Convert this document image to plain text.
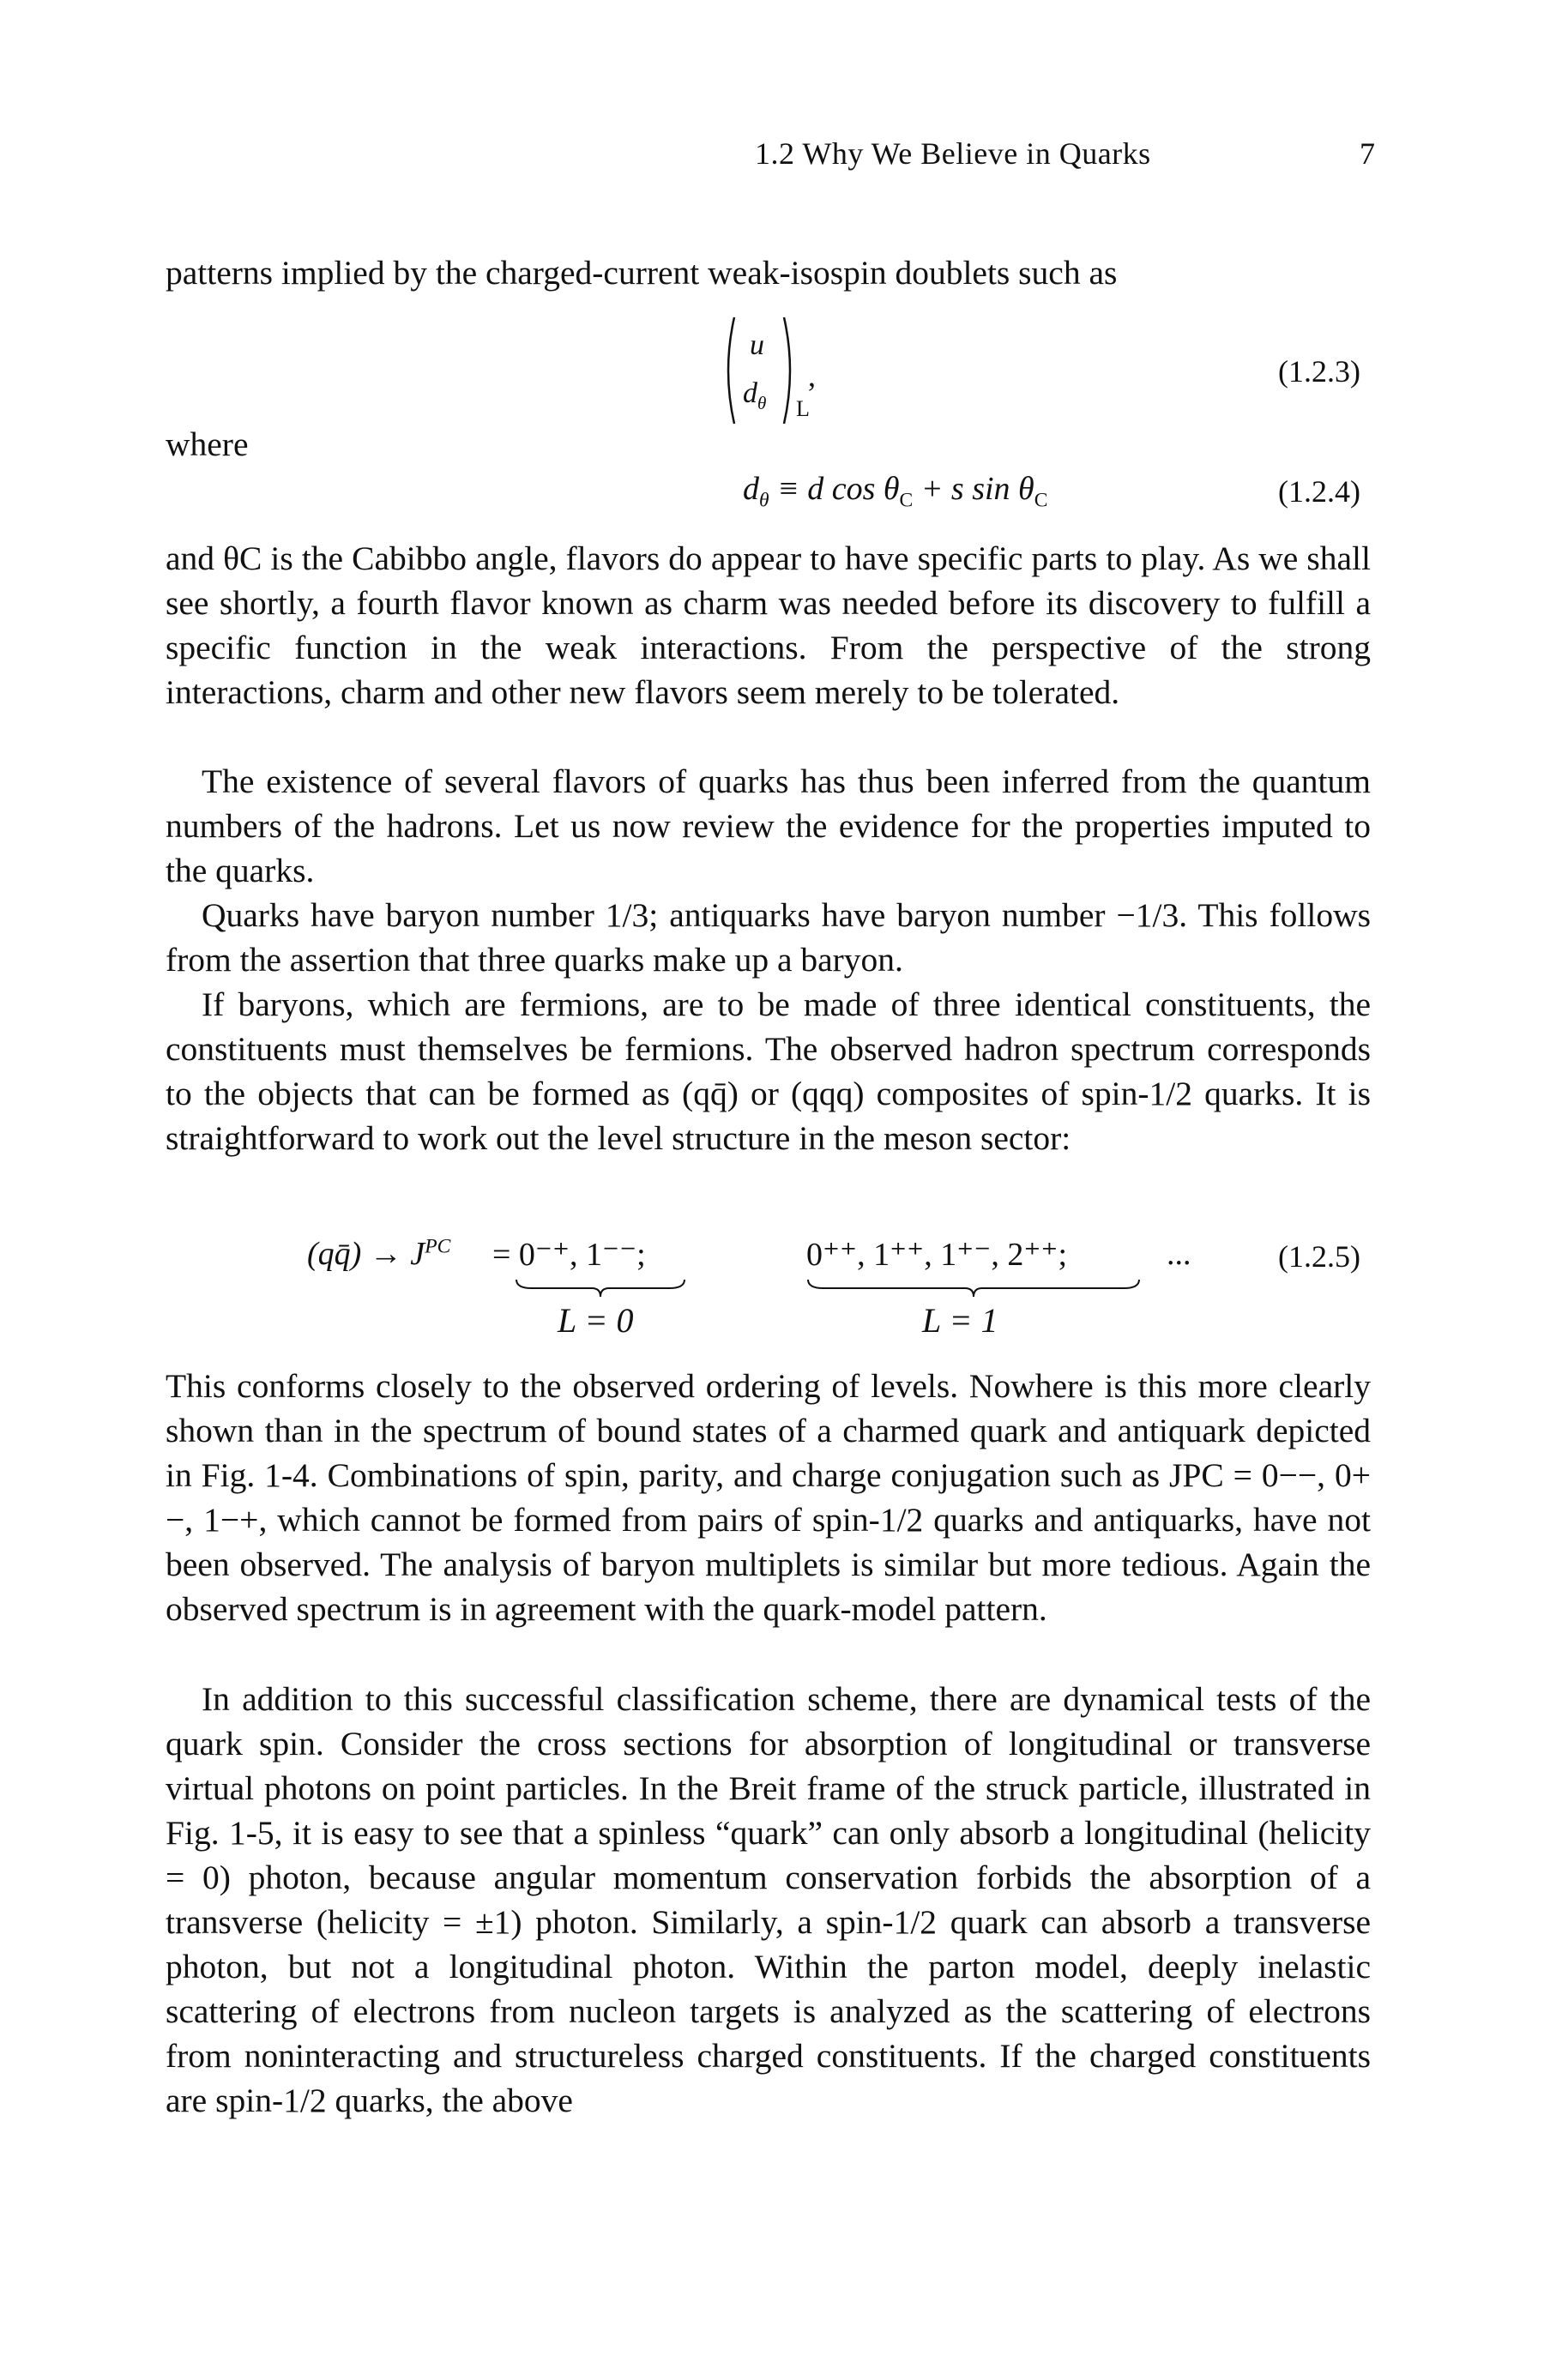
1.2 Why We Believe in Quarks	7

patterns implied by the charged-current weak-isospin doublets such as

u
$d_\theta$ L
,	(1.2.3)
where
$d_\theta \equiv d$ $\cos \theta_C + s$ $\sin \theta_C$	(1.2.4)

and θC is the Cabibbo angle, flavors do appear to have specific parts to play. As we shall see shortly, a fourth flavor known as charm was needed before its discovery to fulfill a specific function in the weak interactions. From the perspective of the strong interactions, charm and other new flavors seem merely to be tolerated.

The existence of several flavors of quarks has thus been inferred from the quantum numbers of the hadrons. Let us now review the evidence for the properties imputed to the quarks.

Quarks have baryon number 1/3; antiquarks have baryon number −1/3. This follows from the assertion that three quarks make up a baryon.

If baryons, which are fermions, are to be made of three identical constituents, the constituents must themselves be fermions. The observed hadron spectrum corresponds to the objects that can be formed as (qq̄) or (qqq) composites of spin-1/2 quarks. It is straightforward to work out the level structure in the meson sector:

(qq̄) → $J^{PC} = 0^{-+}$, 1⁻⁻;
L = 0
0⁺⁺, 1⁺⁺, 1⁺⁻, 2⁺⁺;
L = 1
...	(1.2.5)

This conforms closely to the observed ordering of levels. Nowhere is this more clearly shown than in the spectrum of bound states of a charmed quark and antiquark depicted in Fig. 1-4. Combinations of spin, parity, and charge conjugation such as JPC = 0−−, 0+−, 1−+, which cannot be formed from pairs of spin-1/2 quarks and antiquarks, have not been observed. The analysis of baryon multiplets is similar but more tedious. Again the observed spectrum is in agreement with the quark-model pattern.

In addition to this successful classification scheme, there are dynamical tests of the quark spin. Consider the cross sections for absorption of longitudinal or transverse virtual photons on point particles. In the Breit frame of the struck particle, illustrated in Fig. 1-5, it is easy to see that a spinless “quark” can only absorb a longitudinal (helicity = 0) photon, because angular momentum conservation forbids the absorption of a transverse (helicity = ±1) photon. Similarly, a spin-1/2 quark can absorb a transverse photon, but not a longitudinal photon. Within the parton model, deeply inelastic scattering of electrons from nucleon targets is analyzed as the scattering of electrons from noninteracting and structureless charged constituents. If the charged constituents are spin-1/2 quarks, the above
